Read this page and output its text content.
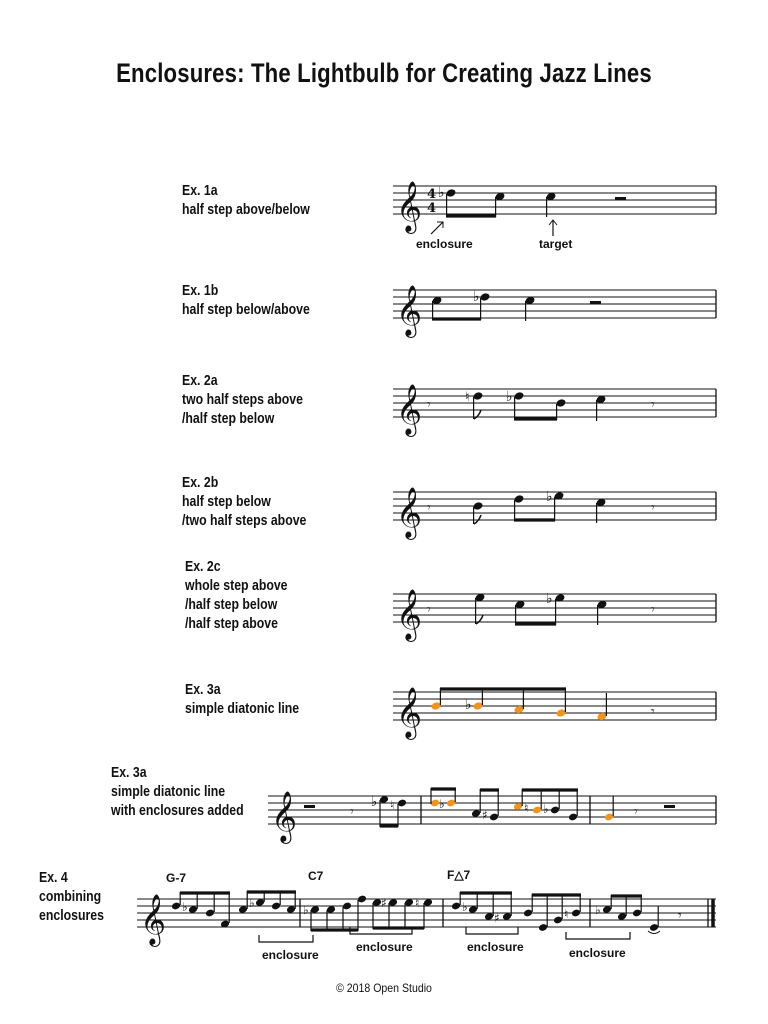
Enclosures: The Lightbulb for Creating Jazz Lines
Ex. 1a
half step above/below
Ex. 1b
half step below/above
Ex. 2a
two half steps above
/half step below
Ex. 2b
half step below
/two half steps above
Ex. 2c
whole step above
/half step below
/half step above
Ex. 3a
simple diatonic line
Ex. 3a
simple diatonic line
with enclosures added
Ex. 4
combining
enclosures
𝄞 4
4
♭
enclosure	target
𝄞	♭
𝄞 𝄾	♮	♭	𝄾
𝄞 𝄾
♭
𝄾
𝄞 𝄾
♭
𝄾
𝄞	♭	𝄾
𝄞	𝄾
♭ ♮	♭
♯	♮ ♭	𝄾
𝄞
G-7	C7	F△7
♭	♭	♭	♯ ♮	♭
♯	♮ ♭	𝄾
enclosure
enclosure	enclosure	enclosure
© 2018 Open Studio
